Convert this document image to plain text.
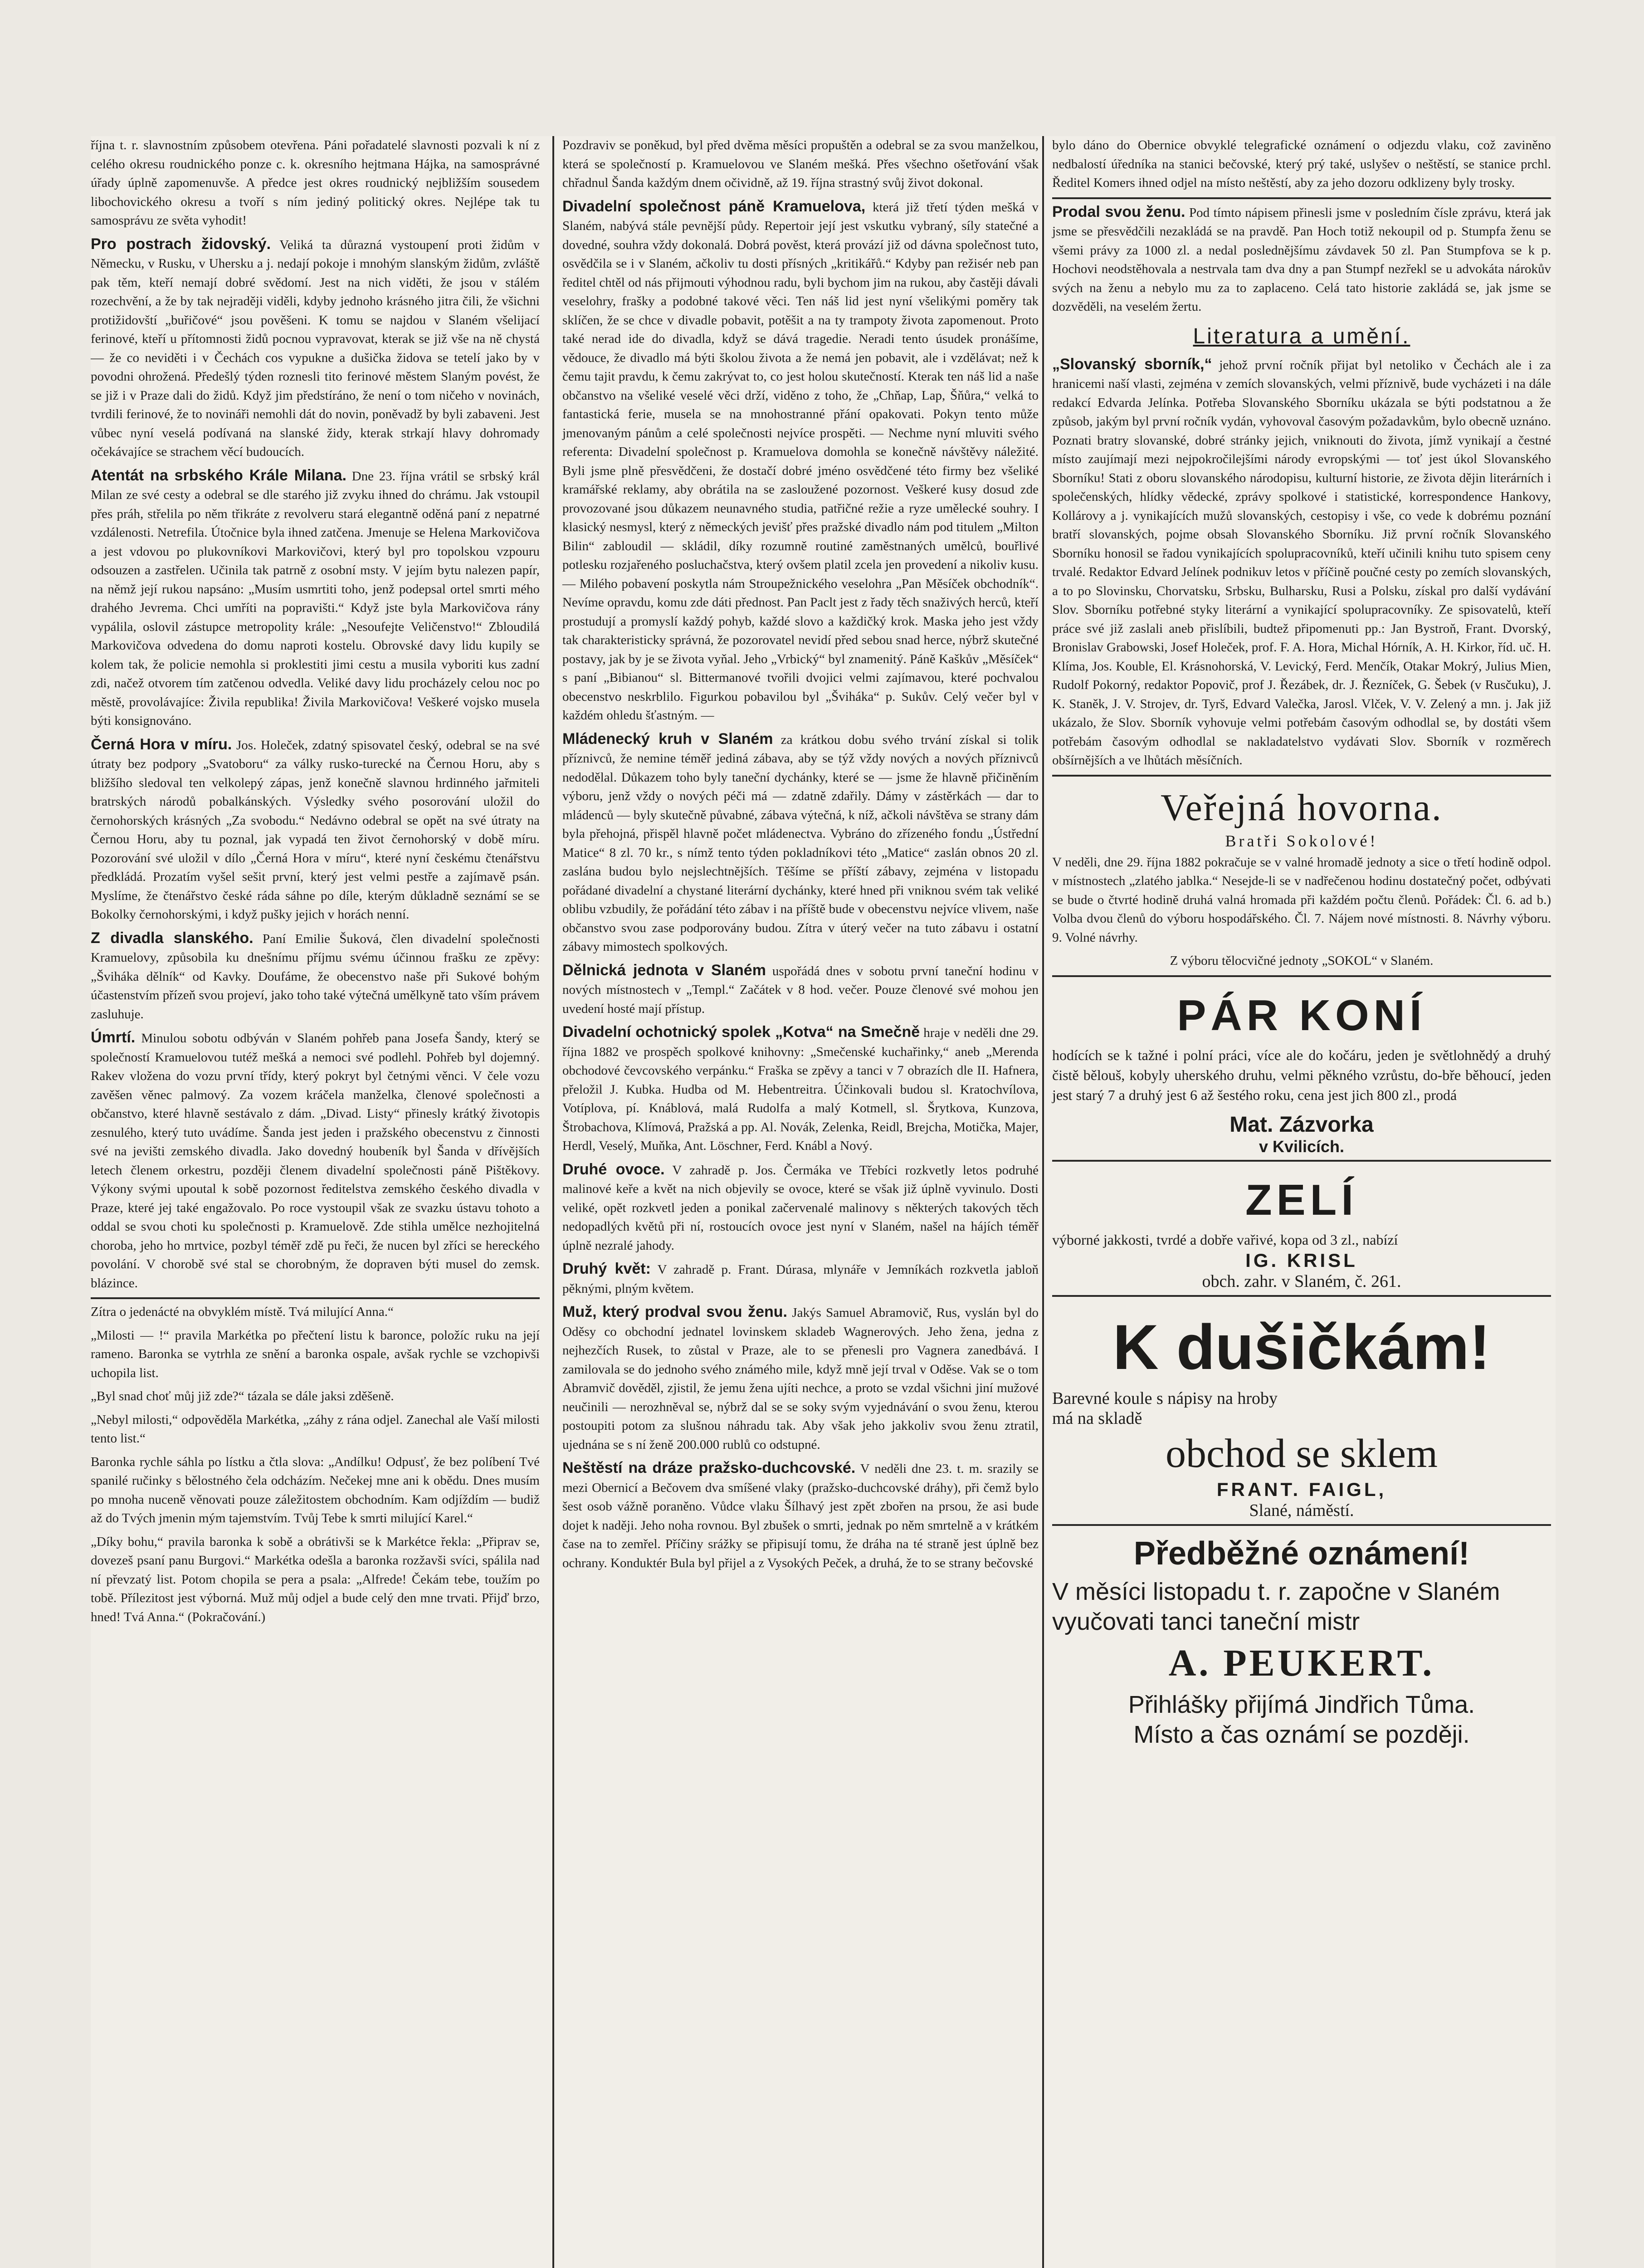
října t. r. slavnostním způsobem otevřena. Páni pořadatelé slavnosti pozvali k ní z celého okresu roudnického ponze c. k. okresního hejtmana Hájka, na samosprávné úřady úplně zapomenuvše. A předce jest okres roudnický nejbližším sousedem libochovického okresu a tvoří s ním jediný politický okres. Nejlépe tak tu samosprávu ze světa vyhodit!

Pro postrach židovský. Veliká ta důrazná vystoupení proti židům v Německu, v Rusku, v Uhersku a j. nedají pokoje i mnohým slanským židům, zvláště pak těm, kteří nemají dobré svědomí. Jest na nich viděti, že jsou v stálém rozechvění, a že by tak nejraději viděli, kdyby jednoho krásného jitra čili, že všichni protižidovští „buřičové“ jsou pověšeni. K tomu se najdou v Slaném všelijací ferinové, kteří u přítomnosti židů pocnou vypravovat, kterak se již vše na ně chystá — že co neviděti i v Čechách cos vypukne a dušička židova se tetelí jako by v povodni ohrožená. Předešlý týden roznesli tito ferinové městem Slaným povést, že se již i v Praze dali do židů. Když jim předstíráno, že není o tom ničeho v novinách, tvrdili ferinové, že to novináři nemohli dát do novin, poněvadž by byli zabaveni. Jest vůbec nyní veselá podívaná na slanské židy, kterak strkají hlavy dohromady očekávajíce se strachem věcí budoucích.

Atentát na srbského Krále Milana. Dne 23. října vrátil se srbský král Milan ze své cesty a odebral se dle starého již zvyku ihned do chrámu. Jak vstoupil přes práh, střelila po něm třikráte z revolveru stará elegantně oděná paní z nepatrné vzdálenosti. Netrefila. Útočnice byla ihned zatčena. Jmenuje se Helena Markovičova a jest vdovou po plukovníkovi Markovičovi, který byl pro topolskou vzpouru odsouzen a zastřelen. Učinila tak patrně z osobní msty. V jejím bytu nalezen papír, na němž její rukou napsáno: „Musím usmrtiti toho, jenž podepsal ortel smrti mého drahého Jevrema. Chci umříti na popravišti.“ Když jste byla Markovičova rány vypálila, oslovil zástupce metropolity krále: „Nesoufejte Veličenstvo!“ Zbloudilá Markovičova odvedena do domu naproti kostelu. Obrovské davy lidu kupily se kolem tak, že policie nemohla si proklestiti jimi cestu a musila vyboriti kus zadní zdi, načež otvorem tím zatčenou odvedla. Veliké davy lidu procházely celou noc po městě, provolávajíce: Živila republika! Živila Markovičova! Veškeré vojsko musela býti konsignováno.

Černá Hora v míru. Jos. Holeček, zdatný spisovatel český, odebral se na své útraty bez podpory „Svatoboru“ za války rusko-turecké na Černou Horu, aby s bližšího sledoval ten velkolepý zápas, jenž konečně slavnou hrdinného jařmiteli bratrských národů pobalkánských. Výsledky svého posorování uložil do černohorských krásných „Za svobodu.“ Nedávno odebral se opět na své útraty na Černou Horu, aby tu poznal, jak vypadá ten život černohorský v době míru. Pozorování své uložil v dílo „Černá Hora v míru“, které nyní českému čtenářstvu předkládá. Prozatím vyšel sešit první, který jest velmi pestře a zajímavě psán. Myslíme, že čtenářstvo české ráda sáhne po díle, kterým důkladně seznámí se se Bokolky černohorskými, i když pušky jejich v horách nenní.

Z divadla slanského. Paní Emilie Šuková, člen divadelní společnosti Kramuelovy, způsobila ku dnešnímu příjmu svému účinnou frašku ze zpěvy: „Šviháka dělník“ od Kavky. Doufáme, že obecenstvo naše při Sukové bohým účastenstvím přízeň svou projeví, jako toho také výtečná umělkyně tato vším právem zasluhuje.

Úmrtí. Minulou sobotu odbýván v Slaném pohřeb pana Josefa Šandy, který se společností Kramuelovou tutéž mešká a nemoci své podlehl. Pohřeb byl dojemný. Rakev vložena do vozu první třídy, který pokryt byl četnými věnci. V čele vozu zavěšen věnec palmový. Za vozem kráčela manželka, členové společnosti a občanstvo, které hlavně sestávalo z dám. „Divad. Listy“ přinesly krátký životopis zesnulého, který tuto uvádíme. Šanda jest jeden i pražského obecenstvu z činnosti své na jevišti zemského divadla. Jako dovedný houbeník byl Šanda v dřívějších letech členem orkestru, později členem divadelní společnosti páně Pištěkovy. Výkony svými upoutal k sobě pozornost ředitelstva zemského českého divadla v Praze, které jej také engažovalo. Po roce vystoupil však ze svazku ústavu tohoto a oddal se svou choti ku společnosti p. Kramuelově. Zde stihla umělce nezhojitelná choroba, jeho ho mrtvice, pozbyl téměř zdě pu řeči, že nucen byl zříci se hereckého povolání. V chorobě své stal se chorobným, že dopraven býti musel do zemsk. blázince.

Zítra o jedenácté na obvyklém místě. Tvá milující Anna.“

„Milosti — !“ pravila Markétka po přečtení listu k baronce, položíc ruku na její rameno. Baronka se vytrhla ze snění a baronka ospale, avšak rychle se vzchopivši uchopila list.

„Byl snad choť můj již zde?“ tázala se dále jaksi zděšeně.

„Nebyl milosti,“ odpověděla Markétka, „záhy z rána odjel. Zanechal ale Vaší milosti tento list.“

Baronka rychle sáhla po lístku a čtla slova: „Andílku! Odpusť, že bez políbení Tvé spanilé ručinky s bělostného čela odcházím. Nečekej mne ani k obědu. Dnes musím po mnoha nuceně věnovati pouze záležitostem obchodním. Kam odjíždím — budiž až do Tvých jmenin mým tajemstvím. Tvůj Tebe k smrti milující Karel.“

„Díky bohu,“ pravila baronka k sobě a obrátivši se k Markétce řekla: „Připrav se, dovezeš psaní panu Burgovi.“ Markétka odešla a baronka rozžavši svíci, spálila nad ní převzatý list. Potom chopila se pera a psala: „Alfrede! Čekám tebe, toužím po tobě. Přílezitost jest výborná. Muž můj odjel a bude celý den mne trvati. Přijď brzo, hned! Tvá Anna.“ (Pokračování.)

Pozdraviv se poněkud, byl před dvěma měsíci propuštěn a odebral se za svou manželkou, která se společností p. Kramuelovou ve Slaném mešká. Přes všechno ošetřování však chřadnul Šanda každým dnem očividně, až 19. října strastný svůj život dokonal.

Divadelní společnost páně Kramuelova, která již třetí týden mešká v Slaném, nabývá stále pevnější půdy. Repertoir její jest vskutku vybraný, síly statečné a dovedné, souhra vždy dokonalá. Dobrá pověst, která provází již od dávna společnost tuto, osvědčila se i v Slaném, ačkoliv tu dosti přísných „kritikářů.“ Kdyby pan režisér neb pan ředitel chtěl od nás přijmouti výhodnou radu, byli bychom jim na rukou, aby častěji dávali veselohry, frašky a podobné takové věci. Ten náš lid jest nyní všelikými poměry tak sklíčen, že se chce v divadle pobavit, potěšit a na ty trampoty života zapomenout. Proto také nerad ide do divadla, když se dává tragedie. Neradi tento úsudek pronášíme, vědouce, že divadlo má býti školou života a že nemá jen pobavit, ale i vzdělávat; než k čemu tajit pravdu, k čemu zakrývat to, co jest holou skutečností. Kterak ten náš lid a naše občanstvo na všeliké veselé věci drží, viděno z toho, že „Chňap, Lap, Šňůra,“ velká to fantastická ferie, musela se na mnohostranné přání opakovati. Pokyn tento může jmenovaným pánům a celé společnosti nejvíce prospěti. — Nechme nyní mluviti svého referenta: Divadelní společnost p. Kramuelova domohla se konečně návštěvy náležité. Byli jsme plně přesvědčeni, že dostačí dobré jméno osvědčené této firmy bez všeliké kramářské reklamy, aby obrátila na se zasloužené pozornost. Veškeré kusy dosud zde provozované jsou důkazem neunavného studia, patřičné režie a ryze umělecké souhry. I klasický nesmysl, který z německých jevišť přes pražské divadlo nám pod titulem „Milton Bilin“ zabloudil — skládil, díky rozumně routiné zaměstnaných umělců, bouřlivé potlesku rozjařeného posluchačstva, který ovšem platil zcela jen provedení a nikoliv kusu. — Milého pobavení poskytla nám Stroupežnického veselohra „Pan Měsíček obchodník“. Nevíme opravdu, komu zde dáti přednost. Pan Paclt jest z řady těch snaživých herců, kteří prostudují a promyslí každý pohyb, každé slovo a každičký krok. Maska jeho jest vždy tak charakteristicky správná, že pozorovatel nevidí před sebou snad herce, nýbrž skutečné postavy, jak by je se života vyňal. Jeho „Vrbický“ byl znamenitý. Páně Kaškův „Měsíček“ s paní „Bibianou“ sl. Bittermanové tvořili dvojici velmi zajímavou, které pochvalou obecenstvo neskrblilo. Figurkou pobavilou byl „Šviháka“ p. Sukův. Celý večer byl v každém ohledu šťastným. —

Mládenecký kruh v Slaném za krátkou dobu svého trvání získal si tolik příznivců, že nemine téměř jediná zábava, aby se týž vždy nových a nových příznivců nedodělal. Důkazem toho byly taneční dychánky, které se — jsme že hlavně přičiněním výboru, jenž vždy o nových péči má — zdatně zdařily. Dámy v zástěrkách — dar to mládenců — byly skutečně půvabné, zábava výtečná, k níž, ačkoli návštěva se strany dám byla přehojná, přispěl hlavně počet mládenectva. Vybráno do zřízeného fondu „Ústřední Matice“ 8 zl. 70 kr., s nímž tento týden pokladníkovi této „Matice“ zaslán obnos 20 zl. zaslána budou bylo nejslechtnějších. Těšíme se příští zábavy, zejména v listopadu pořádané divadelní a chystané literární dychánky, které hned při vniknou svém tak veliké oblibu vzbudily, že pořádání této zábav i na příště bude v obecenstvu nejvíce vlivem, naše občanstvo svou zase podporovány budou. Zítra v úterý večer na tuto zábavu i ostatní zábavy mimostech spolkových.

Dělnická jednota v Slaném uspořádá dnes v sobotu první taneční hodinu v nových místnostech v „Templ.“ Začátek v 8 hod. večer. Pouze členové své mohou jen uvedení hosté mají přístup.

Divadelní ochotnický spolek „Kotva“ na Smečně hraje v neděli dne 29. října 1882 ve prospěch spolkové knihovny: „Smečenské kuchařinky,“ aneb „Merenda obchodové čevcovského verpánku.“ Fraška se zpěvy a tanci v 7 obrazích dle II. Hafnera, přeložil J. Kubka. Hudba od M. Hebentreitra. Účinkovali budou sl. Kratochvílova, Votíplova, pí. Knáblová, malá Rudolfa a malý Kotmell, sl. Šrytkova, Kunzova, Štrobachova, Klímová, Pražská a pp. Al. Novák, Zelenka, Reidl, Brejcha, Motička, Majer, Herdl, Veselý, Muňka, Ant. Löschner, Ferd. Knábl a Nový.

Druhé ovoce. V zahradě p. Jos. Čermáka ve Třebíci rozkvetly letos podruhé malinové keře a květ na nich objevily se ovoce, které se však již úplně vyvinulo. Dosti veliké, opět rozkvetl jeden a ponikal začervenalé malinovy s některých takových těch nedopadlých květů při ní, rostoucích ovoce jest nyní v Slaném, našel na hájích téměř úplně nezralé jahody.

Druhý květ: V zahradě p. Frant. Dúrasa, mlynáře v Jemníkách rozkvetla jabloň pěknými, plným květem.

Muž, který prodval svou ženu. Jakýs Samuel Abramovič, Rus, vyslán byl do Oděsy co obchodní jednatel lovinskem skladeb Wagnerových. Jeho žena, jedna z nejhezčích Rusek, to zůstal v Praze, ale to se přenesli pro Vagnera zanedbává. I zamilovala se do jednoho svého známého mile, když mně její trval v Oděse. Vak se o tom Abramvič dověděl, zjistil, že jemu žena ujíti nechce, a proto se vzdal všichni jiní mužové neučinili — nerozhněval se, nýbrž dal se se soky svým vyjednávání o svou ženu, kterou postoupiti potom za slušnou náhradu tak. Aby však jeho jakkoliv svou ženu ztratil, ujednána se s ní ženě 200.000 rublů co odstupné.

Neštěstí na dráze pražsko-duchcovské. V neděli dne 23. t. m. srazily se mezi Obernicí a Bečovem dva smíšené vlaky (pražsko-duchcovské dráhy), při čemž bylo šest osob vážně poraněno. Vůdce vlaku Šílhavý jest zpět zbořen na prsou, že asi bude dojet k naději. Jeho noha rovnou. Byl zbušek o smrti, jednak po něm smrtelně a v krátkém čase na to zemřel. Příčiny srážky se připisují tomu, že dráha na té straně jest úplně bez ochrany. Konduktér Bula byl přijel a z Vysokých Peček, a druhá, že to se strany bečovské

bylo dáno do Obernice obvyklé telegrafické oznámení o odjezdu vlaku, což zaviněno nedbalostí úředníka na stanici bečovské, který prý také, uslyšev o neštěstí, se stanice prchl. Ředitel Komers ihned odjel na místo neštěstí, aby za jeho dozoru odklizeny byly trosky.

Prodal svou ženu. Pod tímto nápisem přinesli jsme v posledním čísle zprávu, která jak jsme se přesvědčili nezakládá se na pravdě. Pan Hoch totiž nekoupil od p. Stumpfa ženu se všemi právy za 1000 zl. a nedal poslednějšímu závdavek 50 zl. Pan Stumpfova se k p. Hochovi neodstěhovala a nestrvala tam dva dny a pan Stumpf nezřekl se u advokáta nárokův svých na ženu a nebylo mu za to zaplaceno. Celá tato historie zakládá se, jak jsme se dozvěděli, na veselém žertu.

Literatura a umění.

„Slovanský sborník,“ jehož první ročník přijat byl netoliko v Čechách ale i za hranicemi naší vlasti, zejména v zemích slovanských, velmi příznivě, bude vycházeti i na dále redakcí Edvarda Jelínka. Potřeba Slovanského Sborníku ukázala se býti podstatnou a že způsob, jakým byl první ročník vydán, vyhovoval časovým požadavkům, bylo obecně uznáno. Poznati bratry slovanské, dobré stránky jejich, vniknouti do života, jímž vynikají a čestné místo zaujímají mezi nejpokročilejšími národy evropskými — toť jest úkol Slovanského Sborníku! Stati z oboru slovanského národopisu, kulturní historie, ze života dějin literárních i společenských, hlídky vědecké, zprávy spolkové i statistické, korrespondence Hankovy, Kollárovy a j. vynikajících mužů slovanských, cestopisy i vše, co vede k dobrému poznání bratří slovanských, pojme obsah Slovanského Sborníku. Již první ročník Slovanského Sborníku honosil se řadou vynikajících spolupracovníků, kteří učinili knihu tuto spisem ceny trvalé. Redaktor Edvard Jelínek podnikuv letos v příčině poučné cesty po zemích slovanských, a to po Slovinsku, Chorvatsku, Srbsku, Bulharsku, Rusi a Polsku, získal pro další vydávání Slov. Sborníku potřebné styky literární a vynikající spolupracovníky. Ze spisovatelů, kteří práce své již zaslali aneb přislíbili, budtež připomenuti pp.: Jan Bystroň, Frant. Dvorský, Bronislav Grabowski, Josef Holeček, prof. F. A. Hora, Michal Hórník, A. H. Kirkor, říd. uč. H. Klíma, Jos. Kouble, El. Krásnohorská, V. Levický, Ferd. Menčík, Otakar Mokrý, Julius Mien, Rudolf Pokorný, redaktor Popovič, prof J. Řezábek, dr. J. Řezníček, G. Šebek (v Rusčuku), J. K. Staněk, J. V. Strojev, dr. Tyrš, Edvard Valečka, Jarosl. Vlček, V. V. Zelený a mn. j. Jak již ukázalo, že Slov. Sborník vyhovuje velmi potřebám časovým odhodlal se, by dostáti všem potřebám časovým odhodlal se nakladatelstvo vydávati Slov. Sborník v rozměrech obšírnějších a ve lhůtách měsíčních.

Veřejná hovorna.
Bratři Sokolové!

V neděli, dne 29. října 1882 pokračuje se v valné hromadě jednoty a sice o třetí hodině odpol. v místnostech „zlatého jablka.“ Nesejde-li se v nadřečenou hodinu dostatečný počet, odbývati se bude o čtvrté hodině druhá valná hromada při každém počtu členů. Pořádek: Čl. 6. ad b.) Volba dvou členů do výboru hospodářského. Čl. 7. Nájem nové místnosti. 8. Návrhy výboru. 9. Volné návrhy.

Z výboru tělocvičné jednoty „SOKOL“ v Slaném.

PÁR KONÍ
hodících se k tažné i polní práci, více ale do kočáru, jeden je světlohnědý a druhý čistě bělouš, kobyly uherského druhu, velmi pěkného vzrůstu, do-bře běhoucí, jeden jest starý 7 a druhý jest 6 až šestého roku, cena jest jich 800 zl., prodá
Mat. Zázvorka
v Kvilicích.
ZELÍ
výborné jakkosti, tvrdé a dobře vařivé, kopa od 3 zl., nabízí
IG. KRISL
obch. zahr. v Slaném, č. 261.
K dušičkám!
Barevné koule s nápisy na hroby
má na skladě
obchod se sklem
FRANT. FAIGL,
Slané, náměstí.
Předběžné oznámení!
V měsíci listopadu t. r. započne v Slaném vyučovati tanci taneční mistr
A. PEUKERT.
Přihlášky přijímá Jindřich Tůma.
Místo a čas oznámí se později.
